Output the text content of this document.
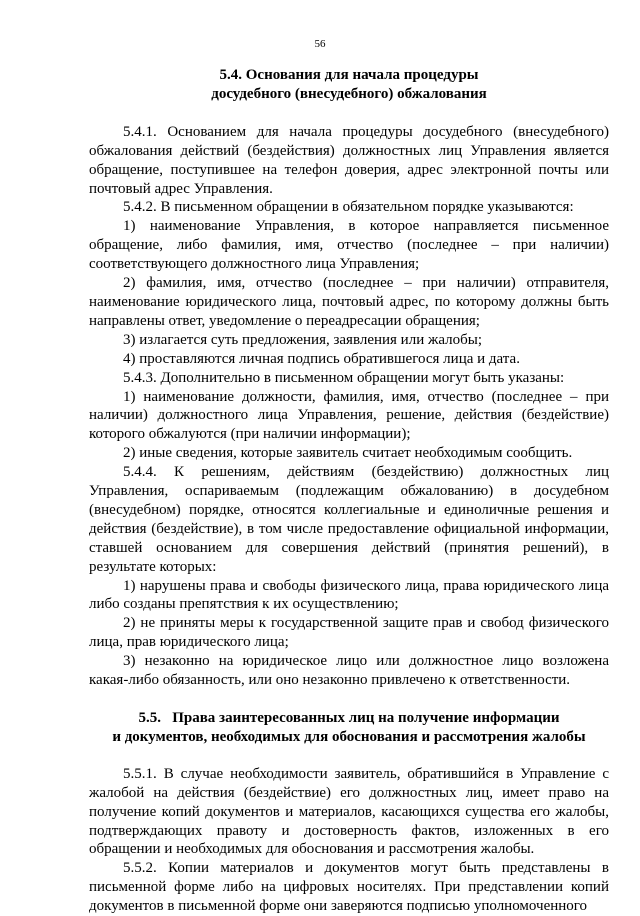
56
5.4. Основания для начала процедуры
досудебного (внесудебного) обжалования

5.4.1. Основанием для начала процедуры досудебного (внесудебного) обжалования действий (бездействия) должностных лиц Управления является обращение, поступившее на телефон доверия, адрес электронной почты или почтовый адрес Управления.

5.4.2. В письменном обращении в обязательном порядке указываются:

1) наименование Управления, в которое направляется письменное обращение, либо фамилия, имя, отчество (последнее – при наличии) соответствующего должностного лица Управления;

2) фамилия, имя, отчество (последнее – при наличии) отправителя, наименование юридического лица, почтовый адрес, по которому должны быть направлены ответ, уведомление о переадресации обращения;

3) излагается суть предложения, заявления или жалобы;

4) проставляются личная подпись обратившегося лица и дата.

5.4.3. Дополнительно в письменном обращении могут быть указаны:

1) наименование должности, фамилия, имя, отчество (последнее – при наличии) должностного лица Управления, решение, действия (бездействие) которого обжалуются (при наличии информации);

2) иные сведения, которые заявитель считает необходимым сообщить.

5.4.4. К решениям, действиям (бездействию) должностных лиц Управления, оспариваемым (подлежащим обжалованию) в досудебном (внесудебном) порядке, относятся коллегиальные и единоличные решения и действия (бездействие), в том числе предоставление официальной информации, ставшей основанием для совершения действий (принятия решений), в результате которых:

1) нарушены права и свободы физического лица, права юридического лица либо созданы препятствия к их осуществлению;

2) не приняты меры к государственной защите прав и свобод физического лица, прав юридического лица;

3) незаконно на юридическое лицо или должностное лицо возложена какая-либо обязанность, или оно незаконно привлечено к ответственности.

5.5.   Права заинтересованных лиц на получение информации
и документов, необходимых для обоснования и рассмотрения жалобы

5.5.1. В случае необходимости заявитель, обратившийся в Управление с жалобой на действия (бездействие) его должностных лиц, имеет право на получение копий документов и материалов, касающихся существа его жалобы, подтверждающих правоту и достоверность фактов, изложенных в его обращении и необходимых для обоснования и рассмотрения жалобы.

5.5.2. Копии материалов и документов могут быть представлены в письменной форме либо на цифровых носителях. При представлении копий документов в письменной форме они заверяются подписью уполномоченного
